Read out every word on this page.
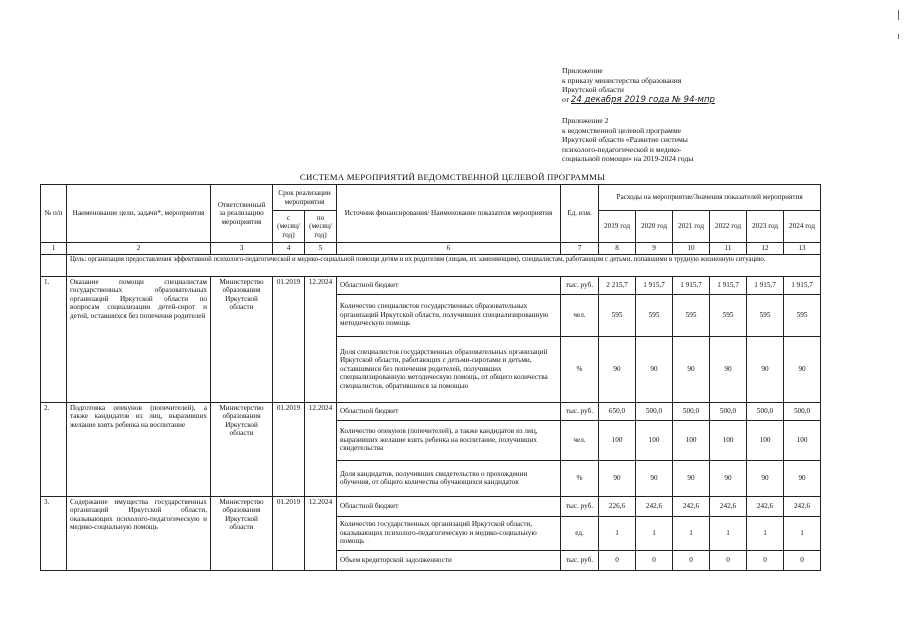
Приложение
к приказу министерства образования
Иркутской области
от 24 декабря 2019 года № 94-мпр
Приложение 2
к ведомственной целевой программе
Иркутской области «Развитие системы
психолого-педагогической и медико-
социальной помощи» на 2019-2024 годы
СИСТЕМА МЕРОПРИЯТИЙ ВЕДОМСТВЕННОЙ ЦЕЛЕВОЙ ПРОГРАММЫ
№ п/п	Наименование цели, задачи*, мероприятия	Ответственный за реализацию мероприятия	Срок реализации мероприятия		Источник финансирования/ Наименование показателя мероприятия	Ед. изм.	Расходы на мероприятие/Значения показателей мероприятия					
			с (месяц/ год)	по (месяц/ год)			2019 год	2020 год	2021 год	2022 год	2023 год	2024 год
1	2	3	4	5	6	7	8	9	10	11	12	13
	Цель: организация предоставления эффективной психолого-педагогической и медико-социальной помощи детям и их родителям (лицам, их заменяющим), специалистам, работающим с детьми, попавшими в трудную жизненную ситуацию.											
1.	Оказание помощи специалистам государственных образовательных организаций Иркутской области по вопросам социализации детей-сирот и детей, оставшихся без попечения родителей	Министерство образования Иркутской области	01.2019	12.2024	Областной бюджет	тыс. руб.	2 215,7	1 915,7	1 915,7	1 915,7	1 915,7	1 915,7
					Количество специалистов государственных образовательных организаций Иркутской области, получивших специализированную методическую помощь	чел.	595	595	595	595	595	595
					Доля специалистов государственных образовательных организаций Иркутской области, работающих с детьми-сиротами и детьми, оставшимися без попечения родителей, получивших специализированную методическую помощь, от общего количества специалистов, обратившихся за помощью	%	90	90	90	90	90	90
2.	Подготовка опекунов (попечителей), а также кандидатов из лиц, выразивших желание взять ребенка на воспитание	Министерство образования Иркутской области	01.2019	12.2024	Областной бюджет	тыс. руб.	650,0	500,0	500,0	500,0	500,0	500,0
					Количество опекунов (попечителей), а также кандидатов из лиц, выразивших желание взять ребенка на воспитание, получивших свидетельства	чел.	100	100	100	100	100	100
					Доля кандидатов, получивших свидетельство о прохождении обучения, от общего количества обучающихся кандидатов	%	90	90	90	90	90	90
3.	Содержание имущества государственных организаций Иркутской области, оказывающих психолого-педагогическую и медико-социальную помощь	Министерство образования Иркутской области	01.2019	12.2024	Областной бюджет	тыс. руб.	226,6	242,6	242,6	242,6	242,6	242,6
					Количество государственных организаций Иркутской области, оказывающих психолого-педагогическую и медико-социальную помощь	ед.	1	1	1	1	1	1
					Объем кредиторской задолженности	тыс. руб.	0	0	0	0	0	0
